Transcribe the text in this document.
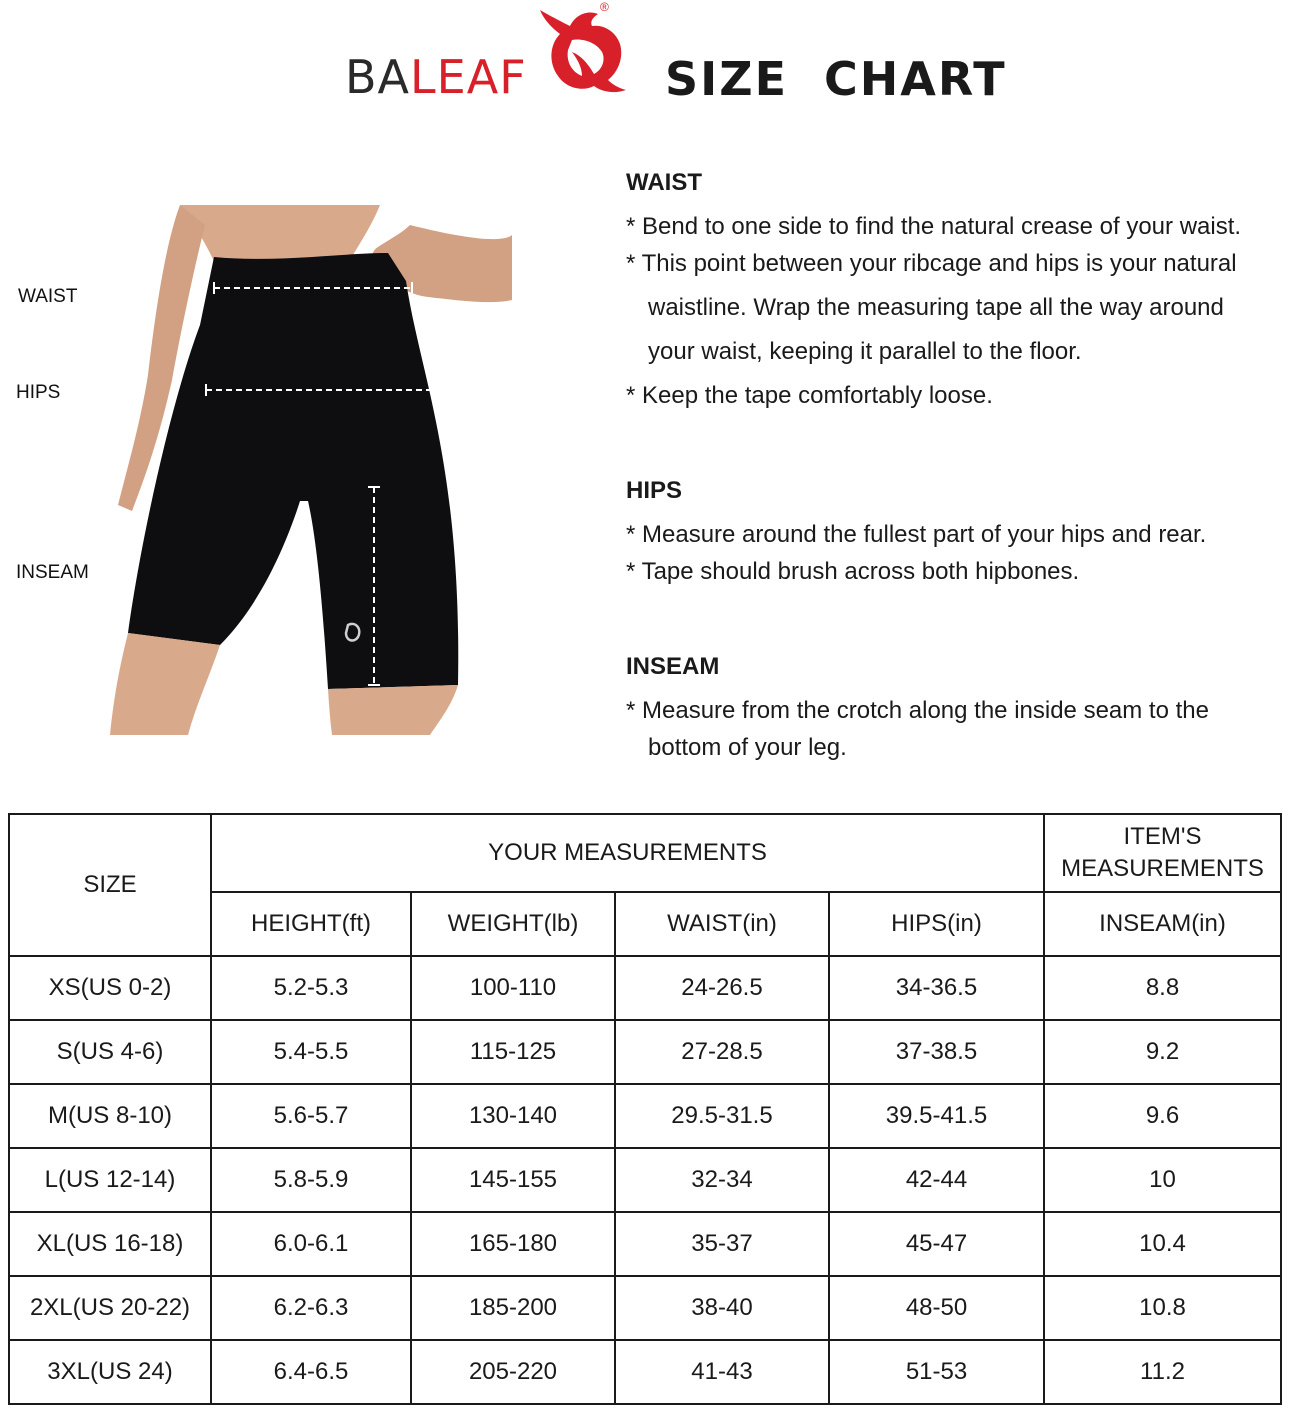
BALEAF
®
SIZE  CHART
WAIST
HIPS
INSEAM
WAIST

* Bend to one side to find the natural crease of your waist.

* This point between your ribcage and hips is your natural

waistline. Wrap the measuring tape all the way around

your waist, keeping it parallel to the floor.

* Keep the tape comfortably loose.

HIPS

* Measure around the fullest part of your hips and rear.

* Tape should brush across both hipbones.

INSEAM

* Measure from the crotch along the inside seam to the

bottom of your leg.

SIZE	YOUR MEASUREMENTS				ITEM'S
MEASUREMENTS
	HEIGHT(ft)	WEIGHT(lb)	WAIST(in)	HIPS(in)	INSEAM(in)
XS(US 0-2)	5.2-5.3	100-110	24-26.5	34-36.5	8.8
S(US 4-6)	5.4-5.5	115-125	27-28.5	37-38.5	9.2
M(US 8-10)	5.6-5.7	130-140	29.5-31.5	39.5-41.5	9.6
L(US 12-14)	5.8-5.9	145-155	32-34	42-44	10
XL(US 16-18)	6.0-6.1	165-180	35-37	45-47	10.4
2XL(US 20-22)	6.2-6.3	185-200	38-40	48-50	10.8
3XL(US 24)	6.4-6.5	205-220	41-43	51-53	11.2
